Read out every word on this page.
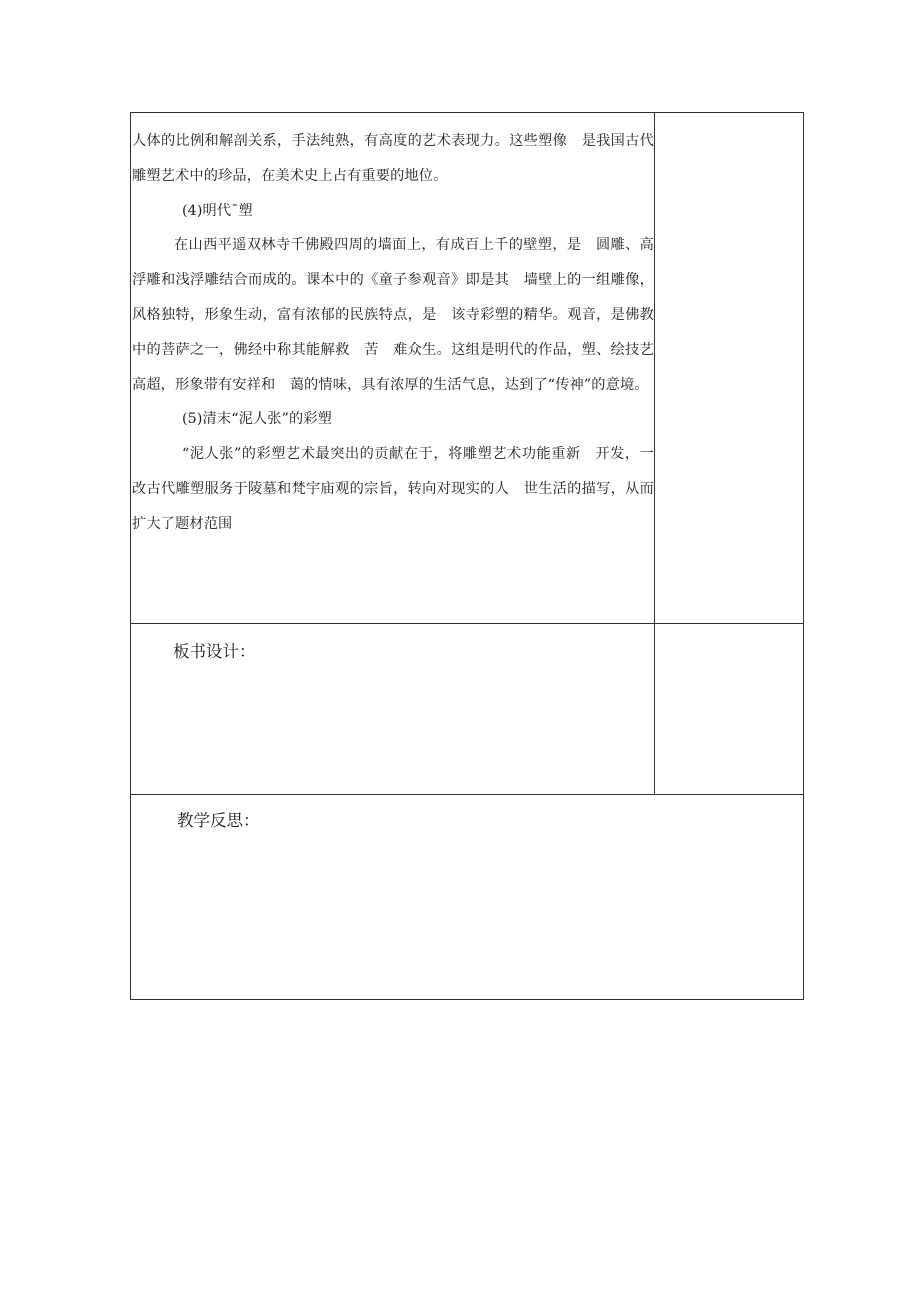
人体的比例和解剖关系，手法纯熟，有高度的艺术表现力。这些塑像　是我国古代雕塑艺术中的珍品，在美术史上占有重要的地位。

(4)明代ˉ塑

在山西平遥双林寺千佛殿四周的墙面上，有成百上千的壁塑，是　圆雕、高浮雕和浅浮雕结合而成的。课本中的《童子参观音》即是其　墙壁上的一组雕像，风格独特，形象生动，富有浓郁的民族特点，是　该寺彩塑的精华。观音，是佛教中的菩萨之一，佛经中称其能解救　苦　难众生。这组是明代的作品，塑、绘技艺高超，形象带有安祥和　蔼的情味，具有浓厚的生活气息，达到了“传神”的意境。

(5)清末“泥人张”的彩塑

“泥人张”的彩塑艺术最突出的贡献在于，将雕塑艺术功能重新　开发，一改古代雕塑服务于陵墓和梵宇庙观的宗旨，转向对现实的人　世生活的描写，从而扩大了题材范围

板书设计：
教学反思：
